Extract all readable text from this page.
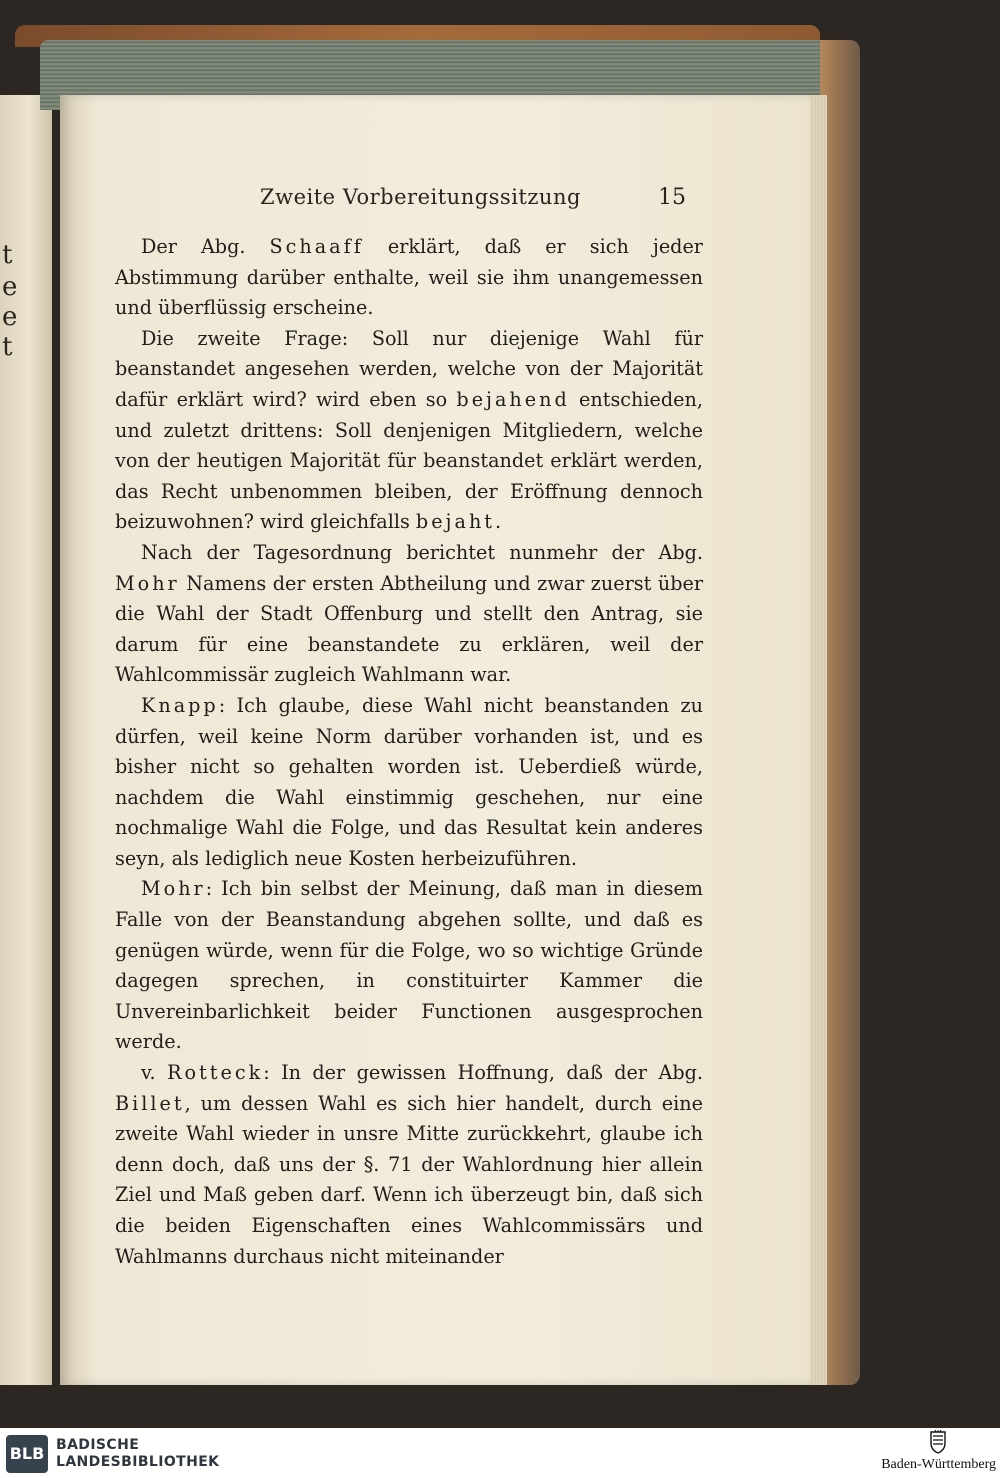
t
e
e
t
Zweite Vorbereitungssitzung	15

Der Abg. Schaaff erklärt, daß er sich jeder Abstimmung darüber enthalte, weil sie ihm unangemessen und überflüssig erscheine.

Die zweite Frage: Soll nur diejenige Wahl für beanstandet angesehen werden, welche von der Majorität dafür erklärt wird? wird eben so bejahend entschieden, und zuletzt drittens: Soll denjenigen Mitgliedern, welche von der heutigen Majorität für beanstandet erklärt werden, das Recht unbenommen bleiben, der Eröffnung dennoch beizuwohnen? wird gleichfalls bejaht.

Nach der Tagesordnung berichtet nunmehr der Abg. Mohr Namens der ersten Abtheilung und zwar zuerst über die Wahl der Stadt Offenburg und stellt den Antrag, sie darum für eine beanstandete zu erklären, weil der Wahlcommissär zugleich Wahlmann war.

Knapp: Ich glaube, diese Wahl nicht beanstanden zu dürfen, weil keine Norm darüber vorhanden ist, und es bisher nicht so gehalten worden ist. Ueberdieß würde, nachdem die Wahl einstimmig geschehen, nur eine nochmalige Wahl die Folge, und das Resultat kein anderes seyn, als lediglich neue Kosten herbeizuführen.

Mohr: Ich bin selbst der Meinung, daß man in diesem Falle von der Beanstandung abgehen sollte, und daß es genügen würde, wenn für die Folge, wo so wichtige Gründe dagegen sprechen, in constituirter Kammer die Unvereinbarlichkeit beider Functionen ausgesprochen werde.

v. Rotteck: In der gewissen Hoffnung, daß der Abg. Billet, um dessen Wahl es sich hier handelt, durch eine zweite Wahl wieder in unsre Mitte zurückkehrt, glaube ich denn doch, daß uns der §. 71 der Wahlordnung hier allein Ziel und Maß geben darf. Wenn ich überzeugt bin, daß sich die beiden Eigenschaften eines Wahlcommissärs und Wahlmanns durchaus nicht miteinander

BLB BADISCHE
LANDESBIBLIOTHEK	Baden-Württemberg
